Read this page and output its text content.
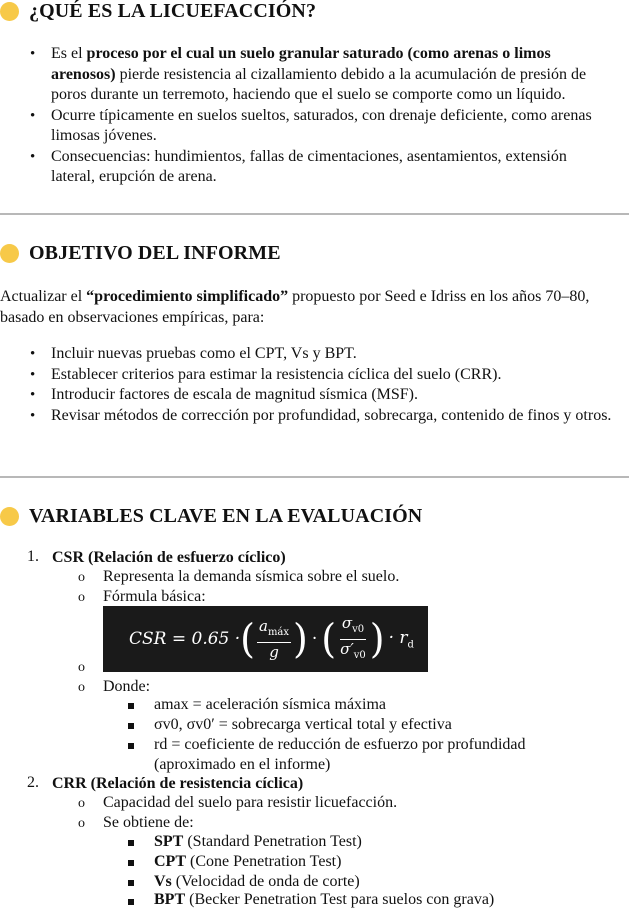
¿QUÉ ES LA LICUEFACCIÓN?
• Es el proceso por el cual un suelo granular saturado (como arenas o limos arenosos) pierde resistencia al cizallamiento debido a la acumulación de presión de poros durante un terremoto, haciendo que el suelo se comporte como un líquido.
• Ocurre típicamente en suelos sueltos, saturados, con drenaje deficiente, como arenas limosas jóvenes.
• Consecuencias: hundimientos, fallas de cimentaciones, asentamientos, extensión lateral, erupción de arena.
OBJETIVO DEL INFORME
Actualizar el “procedimiento simplificado” propuesto por Seed e Idriss en los años 70–80, basado en observaciones empíricas, para:
• Incluir nuevas pruebas como el CPT, Vs y BPT.
• Establecer criterios para estimar la resistencia cíclica del suelo (CRR).
• Introducir factores de escala de magnitud sísmica (MSF).
• Revisar métodos de corrección por profundidad, sobrecarga, contenido de finos y otros.
VARIABLES CLAVE EN LA EVALUACIÓN
1. CSR (Relación de esfuerzo cíclico)
o Representa la demanda sísmica sobre el suelo.
o Fórmula básica:
CSR = 0.65 · ( $\frac{a_{máx}}{g}$ ) · ( $\frac{\sigma_{v0}}{\sigma'_{v0}}$ ) · $r_d$
o
o Donde:
amax = aceleración sísmica máxima
σv0, σv0′ = sobrecarga vertical total y efectiva
rd = coeficiente de reducción de esfuerzo por profundidad (aproximado en el informe)
2. CRR (Relación de resistencia cíclica)
o Capacidad del suelo para resistir licuefacción.
o Se obtiene de:
SPT (Standard Penetration Test)
CPT (Cone Penetration Test)
Vs (Velocidad de onda de corte)
BPT (Becker Penetration Test para suelos con grava)
